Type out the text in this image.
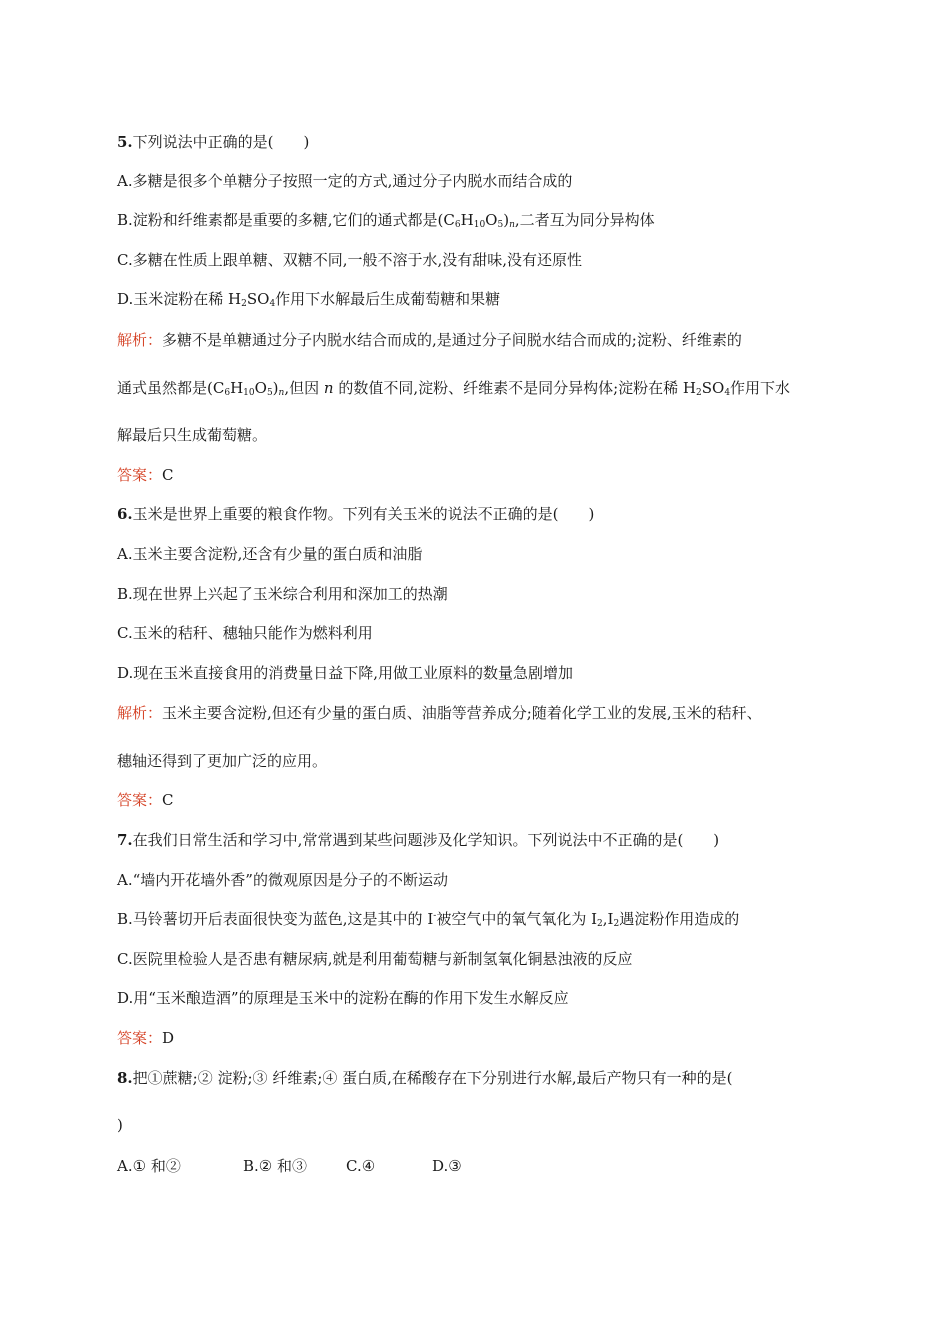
5.下列说法中正确的是(　　)
A.多糖是很多个单糖分子按照一定的方式,通过分子内脱水而结合成的
B.淀粉和纤维素都是重要的多糖,它们的通式都是$(C_6H_{10}O_5)_n$,二者互为同分异构体
C.多糖在性质上跟单糖、双糖不同,一般不溶于水,没有甜味,没有还原性
D.玉米淀粉在稀 $H_2SO_4$作用下水解最后生成葡萄糖和果糖
解析：多糖不是单糖通过分子内脱水结合而成的,是通过分子间脱水结合而成的;淀粉、纤维素的
通式虽然都是$(C_6H_{10}O_5)_n$,但因 n 的数值不同,淀粉、纤维素不是同分异构体;淀粉在稀 $H_2SO_4$作用下水
解最后只生成葡萄糖。
答案：C
6.玉米是世界上重要的粮食作物。下列有关玉米的说法不正确的是(　　)
A.玉米主要含淀粉,还含有少量的蛋白质和油脂
B.现在世界上兴起了玉米综合利用和深加工的热潮
C.玉米的秸秆、穗轴只能作为燃料利用
D.现在玉米直接食用的消费量日益下降,用做工业原料的数量急剧增加
解析：玉米主要含淀粉,但还有少量的蛋白质、油脂等营养成分;随着化学工业的发展,玉米的秸秆、
穗轴还得到了更加广泛的应用。
答案：C
7.在我们日常生活和学习中,常常遇到某些问题涉及化学知识。下列说法中不正确的是(　　)
A.“墙内开花墙外香”的微观原因是分子的不断运动
B.马铃薯切开后表面很快变为蓝色,这是其中的 I-被空气中的氧气氧化为 $I_2,I_2$遇淀粉作用造成的
C.医院里检验人是否患有糖尿病,就是利用葡萄糖与新制氢氧化铜悬浊液的反应
D.用“玉米酿造酒”的原理是玉米中的淀粉在酶的作用下发生水解反应
答案：D
8.把①蔗糖;② 淀粉;③ 纤维素;④ 蛋白质,在稀酸存在下分别进行水解,最后产物只有一种的是(
)
A.① 和②	B.② 和③	C.④	D.③
